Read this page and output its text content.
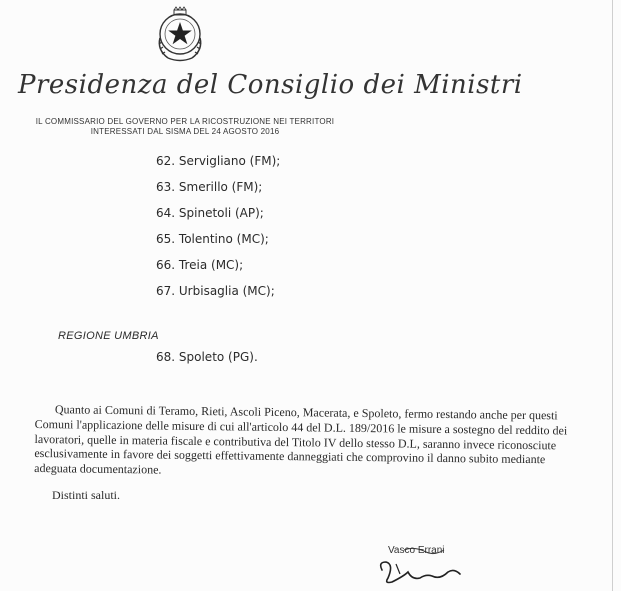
Presidenza del Consiglio dei Ministri
IL COMMISSARIO DEL GOVERNO PER LA RICOSTRUZIONE NEI TERRITORI
INTERESSATI DAL SISMA DEL 24 AGOSTO 2016
62. Servigliano (FM);
63. Smerillo (FM);
64. Spinetoli (AP);
65. Tolentino (MC);
66. Treia (MC);
67. Urbisaglia (MC);
REGIONE UMBRIA
68. Spoleto (PG).

Quanto ai Comuni di Teramo, Rieti, Ascoli Piceno, Macerata, e Spoleto, fermo restando anche per questi Comuni l'applicazione delle misure di cui all'articolo 44 del D.L. 189/2016 le misure a sostegno del reddito dei lavoratori, quelle in materia fiscale e contributiva del Titolo IV dello stesso D.L, saranno invece riconosciute esclusivamente in favore dei soggetti effettivamente danneggiati che comprovino il danno subito mediante adeguata documentazione.

Distinti saluti.
Vasco Errani
